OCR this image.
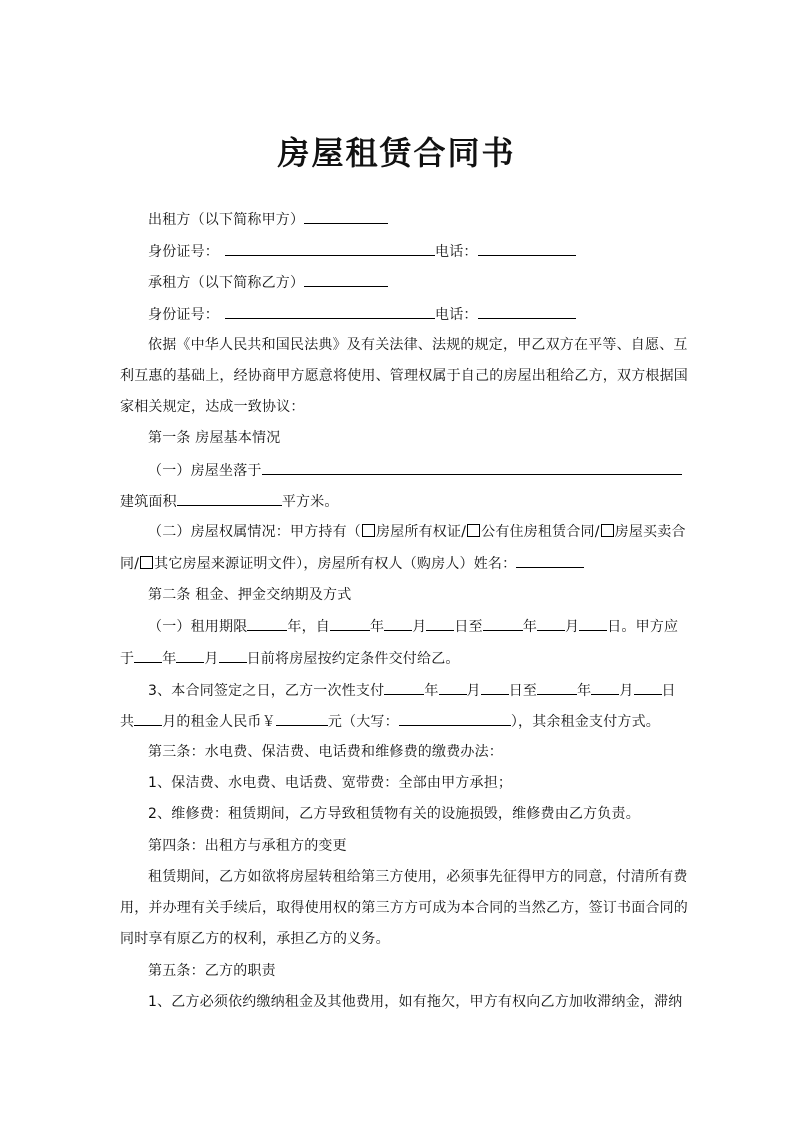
房屋租赁合同书
出租方（以下简称甲方）
身份证号：	电话：
承租方（以下简称乙方）
身份证号：	电话：
依据《中华人民共和国民法典》及有关法律、法规的规定，甲乙双方在平等、自愿、互
利互惠的基础上，经协商甲方愿意将使用、管理权属于自己的房屋出租给乙方，双方根据国
家相关规定，达成一致协议：
第一条 房屋基本情况
（一）房屋坐落于
建筑面积	平方米。
（二）房屋权属情况：甲方持有（ 房屋所有权证/ 公有住房租赁合同/ 房屋买卖合
同/ 其它房屋来源证明文件），房屋所有权人（购房人）姓名：
第二条 租金、押金交纳期及方式
（一）租用期限	年，自	年 月 日至	年 月 日。甲方应
于 年 月 日前将房屋按约定条件交付给乙。
3、本合同签定之日，乙方一次性支付	年 月 日至	年 月 日
共 月的租金人民币￥	元（大写：	），其余租金支付方式。
第三条：水电费、保洁费、电话费和维修费的缴费办法：
1、保洁费、水电费、电话费、宽带费：全部由甲方承担；
2、维修费：租赁期间，乙方导致租赁物有关的设施损毁，维修费由乙方负责。
第四条：出租方与承租方的变更
租赁期间，乙方如欲将房屋转租给第三方使用，必须事先征得甲方的同意，付清所有费
用，并办理有关手续后，取得使用权的第三方方可成为本合同的当然乙方，签订书面合同的
同时享有原乙方的权利，承担乙方的义务。
第五条：乙方的职责
1、乙方必须依约缴纳租金及其他费用，如有拖欠，甲方有权向乙方加收滞纳金，滞纳
